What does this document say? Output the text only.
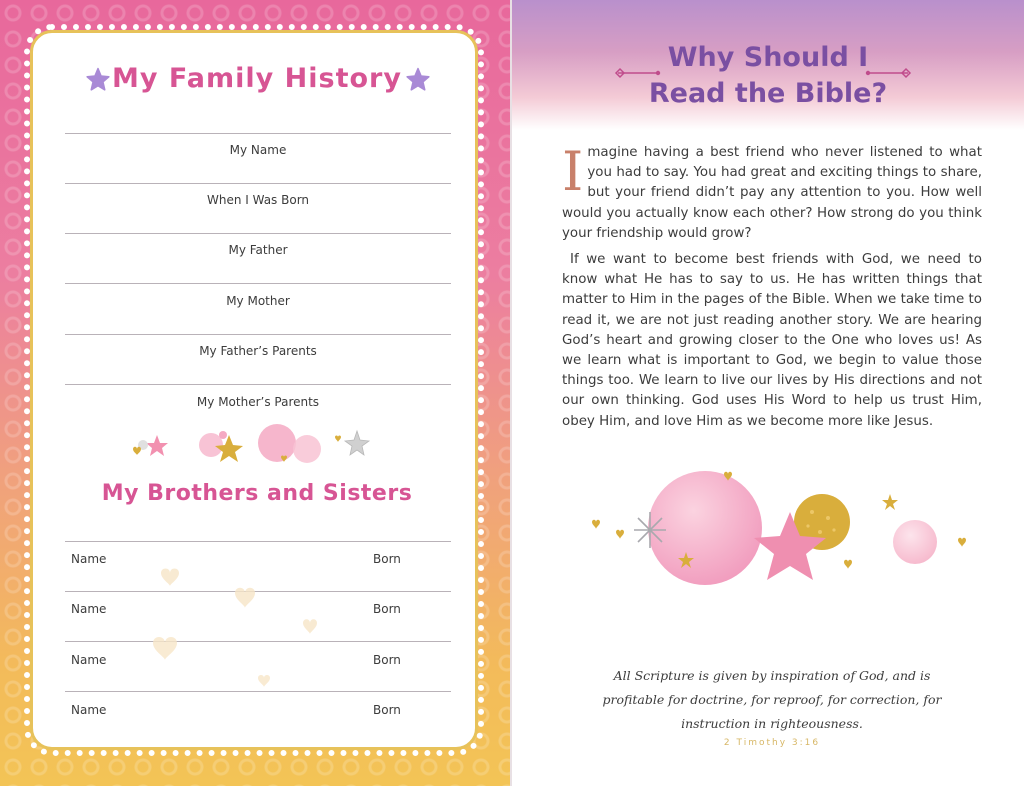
My Family History
My Name
When I Was Born
My Father
My Mother
My Father’s Parents
My Mother’s Parents
My Brothers and Sisters
Name	Born
Name	Born
Name	Born
Name	Born
Why Should I
Read the Bible?

Imagine having a best friend who never listened to what you had to say. You had great and exciting things to share, but your friend didn’t pay any attention to you. How well would you actually know each other? How strong do you think your friendship would grow?

If we want to become best friends with God, we need to know what He has to say to us. He has written things that matter to Him in the pages of the Bible. When we take time to read it, we are not just reading another story. We are hearing God’s heart and growing closer to the One who loves us! As we learn what is important to God, we begin to value those things too. We learn to live our lives by His directions and not our own thinking. God uses His Word to help us trust Him, obey Him, and love Him as we become more like Jesus.

All Scripture is given by inspiration of God, and is
profitable for doctrine, for reproof, for correction, for
instruction in righteousness.
2 Timothy 3:16
